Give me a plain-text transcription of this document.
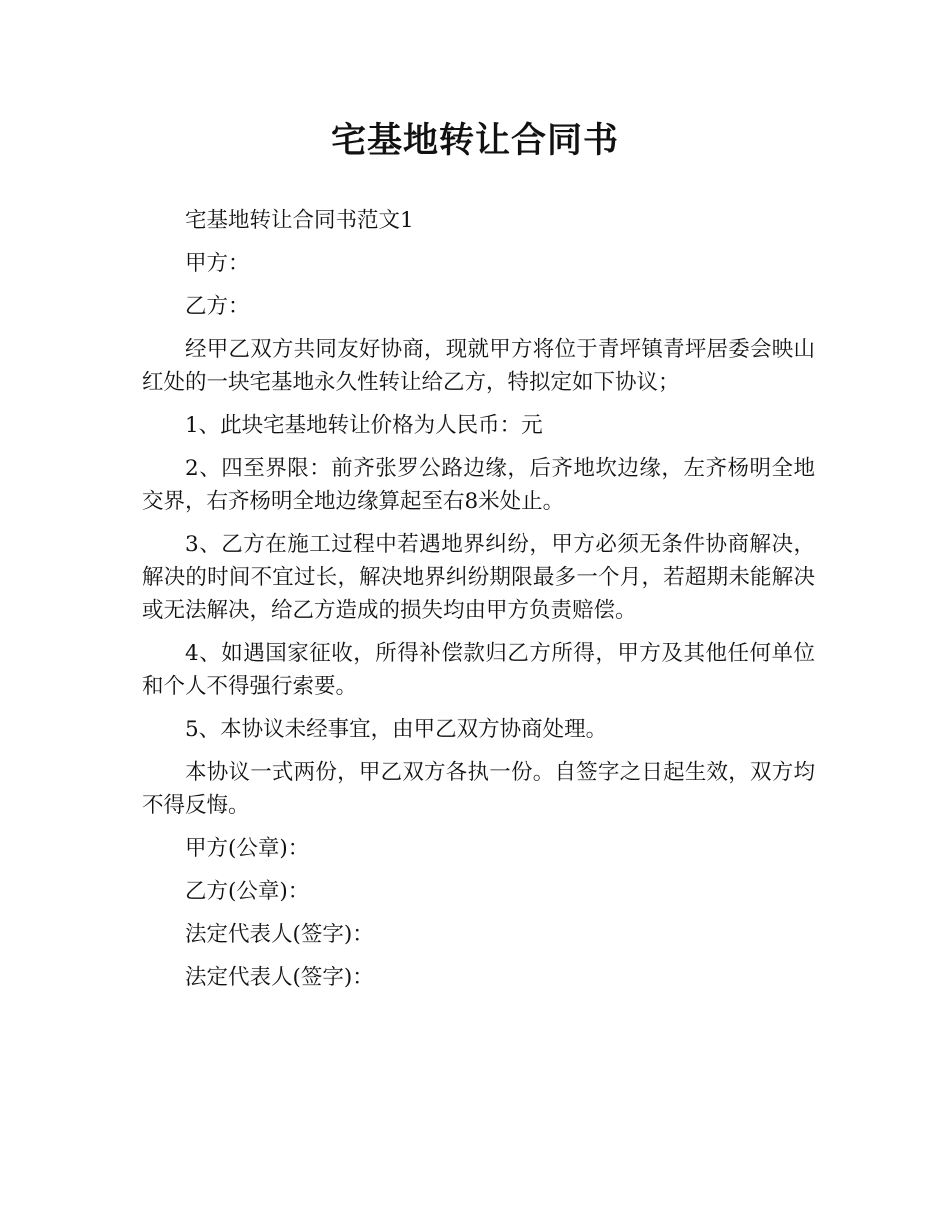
宅基地转让合同书

宅基地转让合同书范文1

甲方：

乙方：

经甲乙双方共同友好协商，现就甲方将位于青坪镇青坪居委会映山红处的一块宅基地永久性转让给乙方，特拟定如下协议；

1、此块宅基地转让价格为人民币：元

2、四至界限：前齐张罗公路边缘，后齐地坎边缘，左齐杨明全地交界，右齐杨明全地边缘算起至右8米处止。

3、乙方在施工过程中若遇地界纠纷，甲方必须无条件协商解决，解决的时间不宜过长，解决地界纠纷期限最多一个月，若超期未能解决或无法解决，给乙方造成的损失均由甲方负责赔偿。

4、如遇国家征收，所得补偿款归乙方所得，甲方及其他任何单位和个人不得强行索要。

5、本协议未经事宜，由甲乙双方协商处理。

本协议一式两份，甲乙双方各执一份。自签字之日起生效，双方均不得反悔。

甲方(公章)：

乙方(公章)：

法定代表人(签字)：

法定代表人(签字)：
